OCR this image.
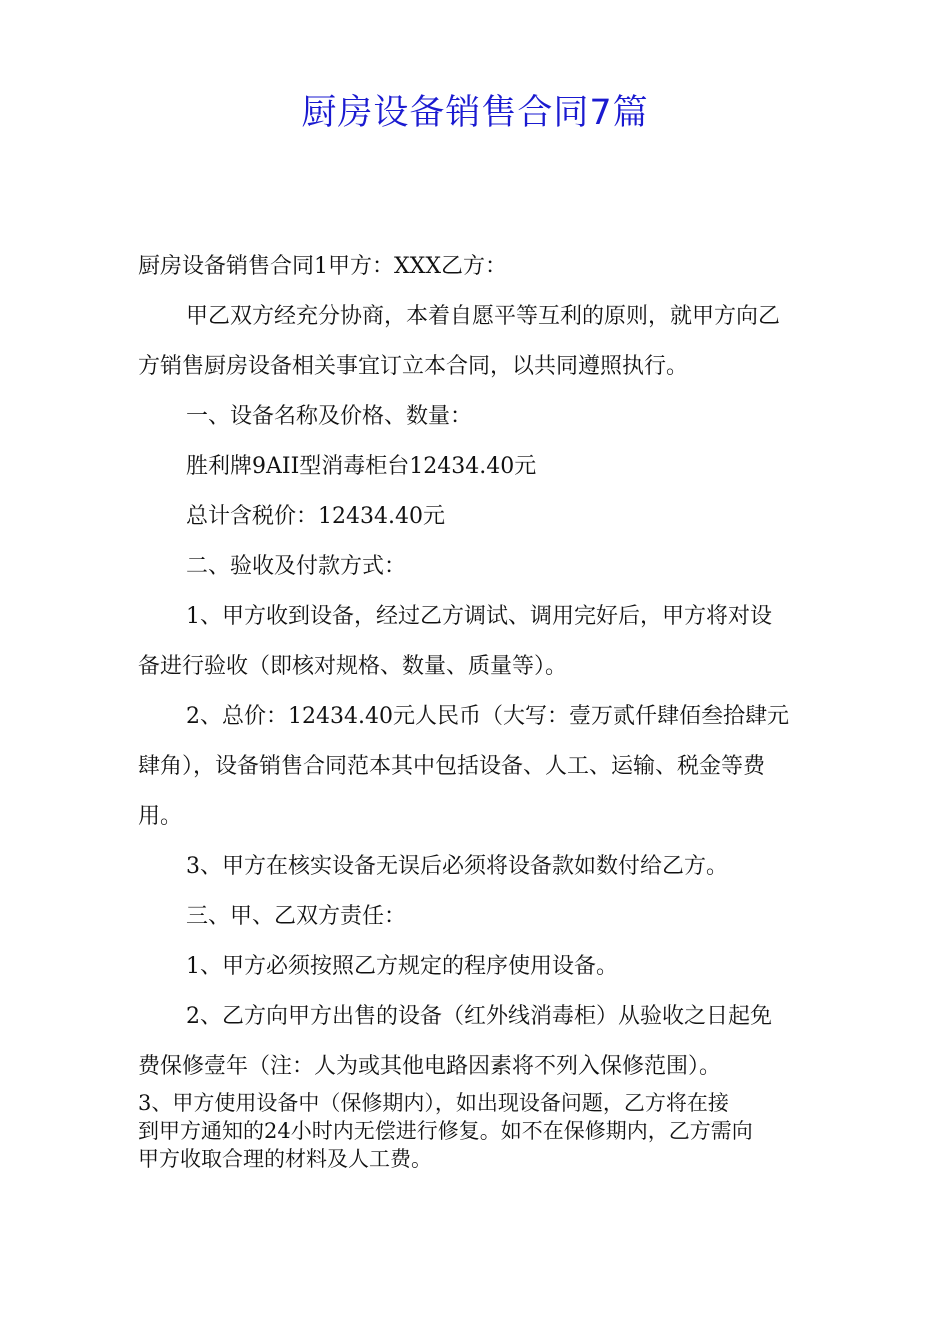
厨房设备销售合同7篇

厨房设备销售合同1甲方：XXX乙方：

甲乙双方经充分协商，本着自愿平等互利的原则，就甲方向乙

方销售厨房设备相关事宜订立本合同，以共同遵照执行。

一、设备名称及价格、数量：

胜利牌9AII型消毒柜台12434.40元

总计含税价：12434.40元

二、验收及付款方式：

1、甲方收到设备，经过乙方调试、调用完好后，甲方将对设

备进行验收（即核对规格、数量、质量等）。

2、总价：12434.40元人民币（大写：壹万贰仟肆佰叁拾肆元

肆角），设备销售合同范本其中包括设备、人工、运输、税金等费

用。

3、甲方在核实设备无误后必须将设备款如数付给乙方。

三、甲、乙双方责任：

1、甲方必须按照乙方规定的程序使用设备。

2、乙方向甲方出售的设备（红外线消毒柜）从验收之日起免

费保修壹年（注：人为或其他电路因素将不列入保修范围）。

3、甲方使用设备中（保修期内），如出现设备问题，乙方将在接

到甲方通知的24小时内无偿进行修复。如不在保修期内，乙方需向

甲方收取合理的材料及人工费。
